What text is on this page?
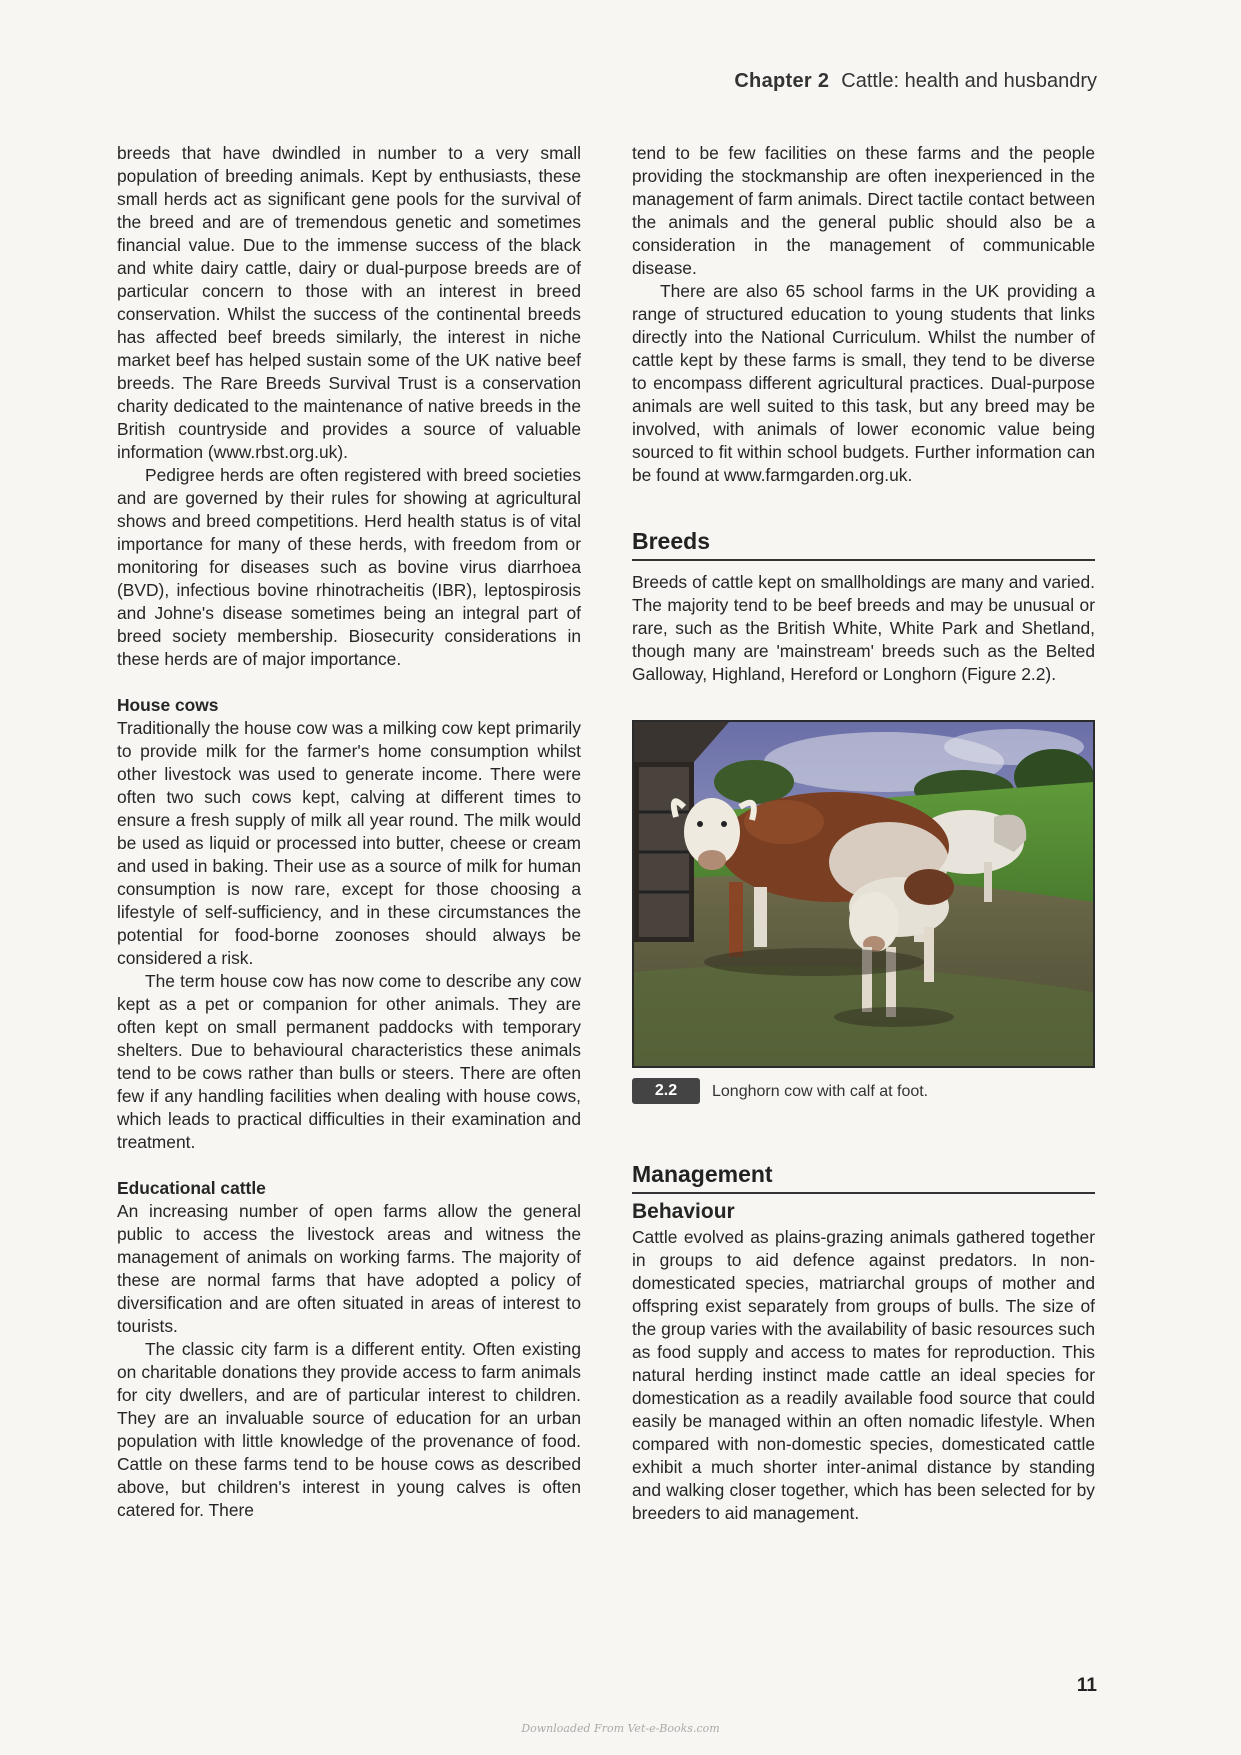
Chapter 2 Cattle: health and husbandry

breeds that have dwindled in number to a very small population of breeding animals. Kept by enthusiasts, these small herds act as significant gene pools for the survival of the breed and are of tremendous genetic and sometimes financial value. Due to the immense success of the black and white dairy cattle, dairy or dual-purpose breeds are of particular concern to those with an interest in breed conservation. Whilst the success of the continental breeds has affected beef breeds similarly, the interest in niche market beef has helped sustain some of the UK native beef breeds. The Rare Breeds Survival Trust is a conservation charity dedicated to the maintenance of native breeds in the British countryside and provides a source of valuable information (www.rbst.org.uk).

Pedigree herds are often registered with breed societies and are governed by their rules for showing at agricultural shows and breed competitions. Herd health status is of vital importance for many of these herds, with freedom from or monitoring for diseases such as bovine virus diarrhoea (BVD), infectious bovine rhinotracheitis (IBR), leptospirosis and Johne's disease sometimes being an integral part of breed society membership. Biosecurity considerations in these herds are of major importance.

House cows

Traditionally the house cow was a milking cow kept primarily to provide milk for the farmer's home consumption whilst other livestock was used to generate income. There were often two such cows kept, calving at different times to ensure a fresh supply of milk all year round. The milk would be used as liquid or processed into butter, cheese or cream and used in baking. Their use as a source of milk for human consumption is now rare, except for those choosing a lifestyle of self-sufficiency, and in these circumstances the potential for food-borne zoonoses should always be considered a risk.

The term house cow has now come to describe any cow kept as a pet or companion for other animals. They are often kept on small permanent paddocks with temporary shelters. Due to behavioural characteristics these animals tend to be cows rather than bulls or steers. There are often few if any handling facilities when dealing with house cows, which leads to practical difficulties in their examination and treatment.

Educational cattle

An increasing number of open farms allow the general public to access the livestock areas and witness the management of animals on working farms. The majority of these are normal farms that have adopted a policy of diversification and are often situated in areas of interest to tourists.

The classic city farm is a different entity. Often existing on charitable donations they provide access to farm animals for city dwellers, and are of particular interest to children. They are an invaluable source of education for an urban population with little knowledge of the provenance of food. Cattle on these farms tend to be house cows as described above, but children's interest in young calves is often catered for. There

tend to be few facilities on these farms and the people providing the stockmanship are often inexperienced in the management of farm animals. Direct tactile contact between the animals and the general public should also be a consideration in the management of communicable disease.

There are also 65 school farms in the UK providing a range of structured education to young students that links directly into the National Curriculum. Whilst the number of cattle kept by these farms is small, they tend to be diverse to encompass different agricultural practices. Dual-purpose animals are well suited to this task, but any breed may be involved, with animals of lower economic value being sourced to fit within school budgets. Further information can be found at www.farmgarden.org.uk.

Breeds

Breeds of cattle kept on smallholdings are many and varied. The majority tend to be beef breeds and may be unusual or rare, such as the British White, White Park and Shetland, though many are 'mainstream' breeds such as the Belted Galloway, Highland, Hereford or Longhorn (Figure 2.2).

2.2	Longhorn cow with calf at foot.
Management
Behaviour

Cattle evolved as plains-grazing animals gathered together in groups to aid defence against predators. In non-domesticated species, matriarchal groups of mother and offspring exist separately from groups of bulls. The size of the group varies with the availability of basic resources such as food supply and access to mates for reproduction. This natural herding instinct made cattle an ideal species for domestication as a readily available food source that could easily be managed within an often nomadic lifestyle. When compared with non-domestic species, domesticated cattle exhibit a much shorter inter-animal distance by standing and walking closer together, which has been selected for by breeders to aid management.

11
Downloaded From Vet-e-Books.com
